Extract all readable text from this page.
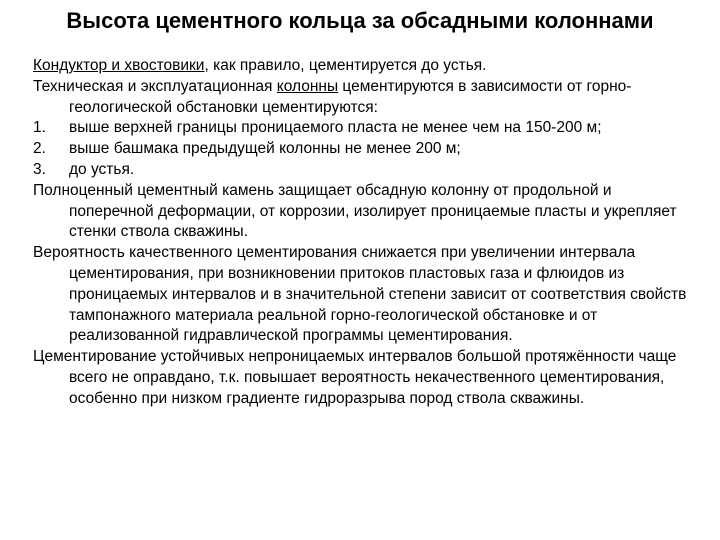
Высота цементного кольца за обсадными колоннами

Кондуктор и хвостовики, как правило, цементируется до устья.

Техническая и эксплуатационная колонны цементируются в зависимости от горно-геологической обстановки цементируются:

1.	выше верхней границы проницаемого пласта не менее чем на 150-200 м;
2.	выше башмака предыдущей колонны не менее 200 м;
3.	до устья.

Полноценный цементный камень защищает обсадную колонну от продольной и поперечной деформации, от коррозии, изолирует проницаемые пласты и укрепляет стенки ствола скважины.

Вероятность качественного цементирования снижается при увеличении интервала цементирования, при возникновении притоков пластовых газа и флюидов из проницаемых интервалов и в значительной степени зависит от соответствия свойств тампонажного материала реальной горно-геологической обстановке и от реализованной гидравлической программы цементирования.

Цементирование устойчивых непроницаемых интервалов большой протяжённости чаще всего не оправдано, т.к. повышает вероятность некачественного цементирования, особенно при низком градиенте гидроразрыва пород ствола скважины.
